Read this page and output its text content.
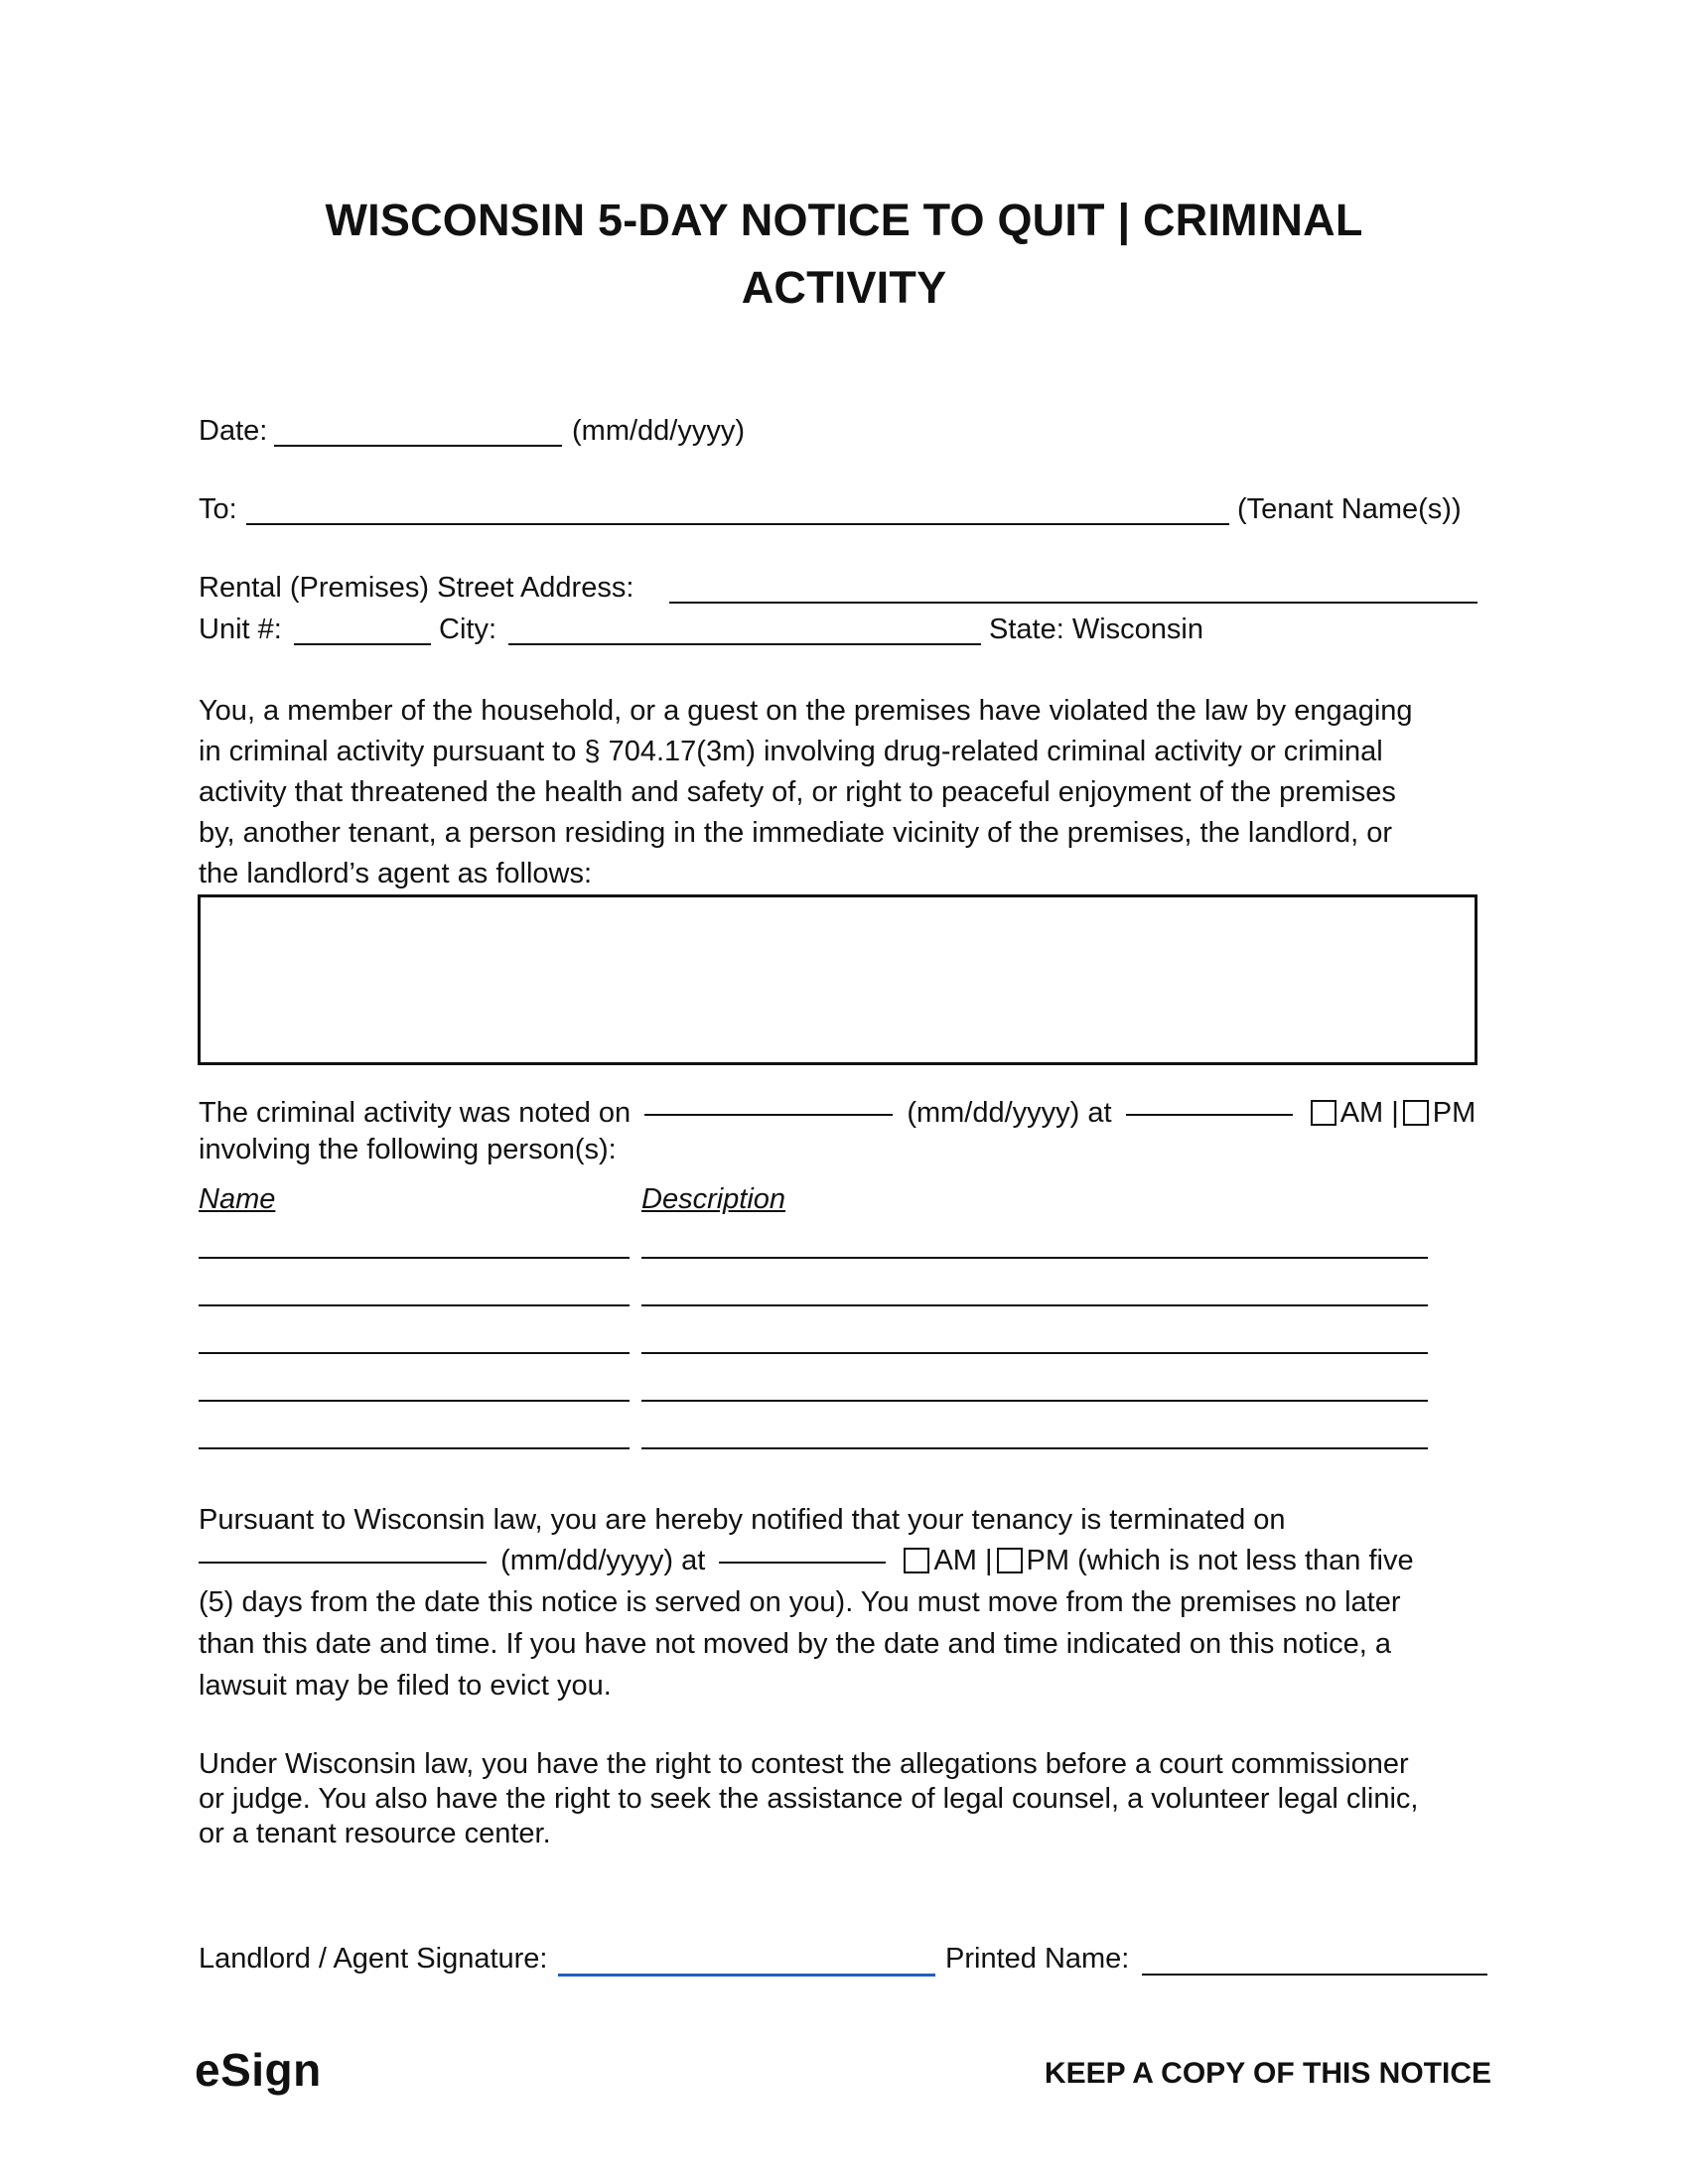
WISCONSIN 5-DAY NOTICE TO QUIT | CRIMINAL
ACTIVITY
Date:	(mm/dd/yyyy)
To:	(Tenant Name(s))
Rental (Premises) Street Address:
Unit #:	City:	State: Wisconsin
You, a member of the household, or a guest on the premises have violated the law by engaging
in criminal activity pursuant to § 704.17(3m) involving drug-related criminal activity or criminal
activity that threatened the health and safety of, or right to peaceful enjoyment of the premises
by, another tenant, a person residing in the immediate vicinity of the premises, the landlord, or
the landlord’s agent as follows:
The criminal activity was noted on	(mm/dd/yyyy) at	AM | PM
involving the following person(s):
Name	Description
Pursuant to Wisconsin law, you are hereby notified that your tenancy is terminated on
(mm/dd/yyyy) at	AM | PM (which is not less than five
(5) days from the date this notice is served on you). You must move from the premises no later
than this date and time. If you have not moved by the date and time indicated on this notice, a
lawsuit may be filed to evict you.
Under Wisconsin law, you have the right to contest the allegations before a court commissioner
or judge. You also have the right to seek the assistance of legal counsel, a volunteer legal clinic,
or a tenant resource center.
Landlord / Agent Signature:	Printed Name:
eSign	KEEP A COPY OF THIS NOTICE
